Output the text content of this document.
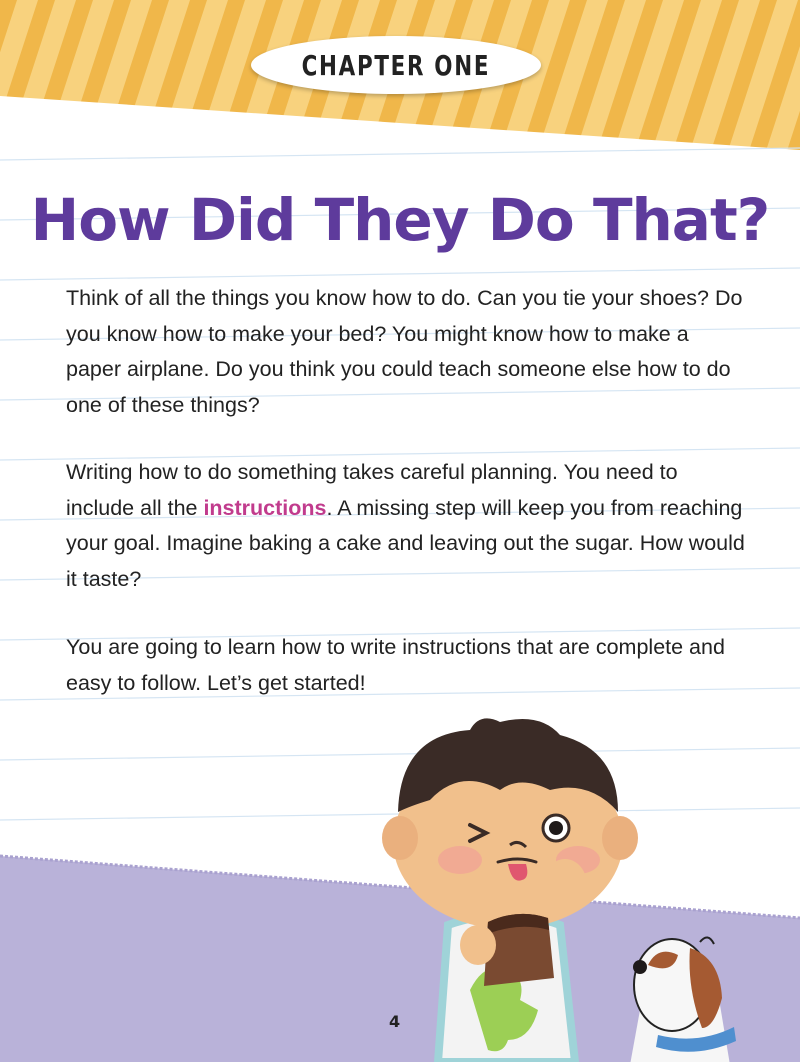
CHAPTER ONE
How Did They Do That?

Think of all the things you know how to do. Can you tie your shoes? Do you know how to make your bed? You might know how to make a paper airplane. Do you think you could teach someone else how to do one of these things?

Writing how to do something takes careful planning. You need to include all the instructions. A missing step will keep you from reaching your goal. Imagine baking a cake and leaving out the sugar. How would it taste?

You are going to learn how to write instructions that are complete and easy to follow. Let’s get started!

4
